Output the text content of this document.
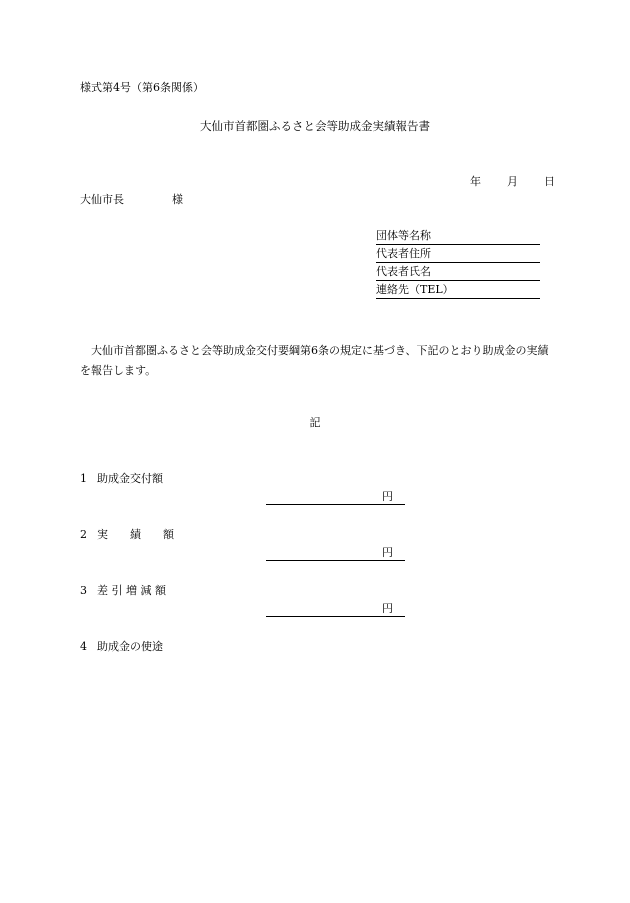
様式第4号（第6条関係）
大仙市首都圏ふるさと会等助成金実績報告書
年 月 日
大仙市長	様
団体等名称
代表者住所
代表者氏名
連絡先（TEL）
大仙市首都圏ふるさと会等助成金交付要綱第6条の規定に基づき、下記のとおり助成金の実績を報告します。
記
1 助成金交付額
円
2 実　　績　　額
円
3 差 引 増 減 額
円
4 助成金の使途
